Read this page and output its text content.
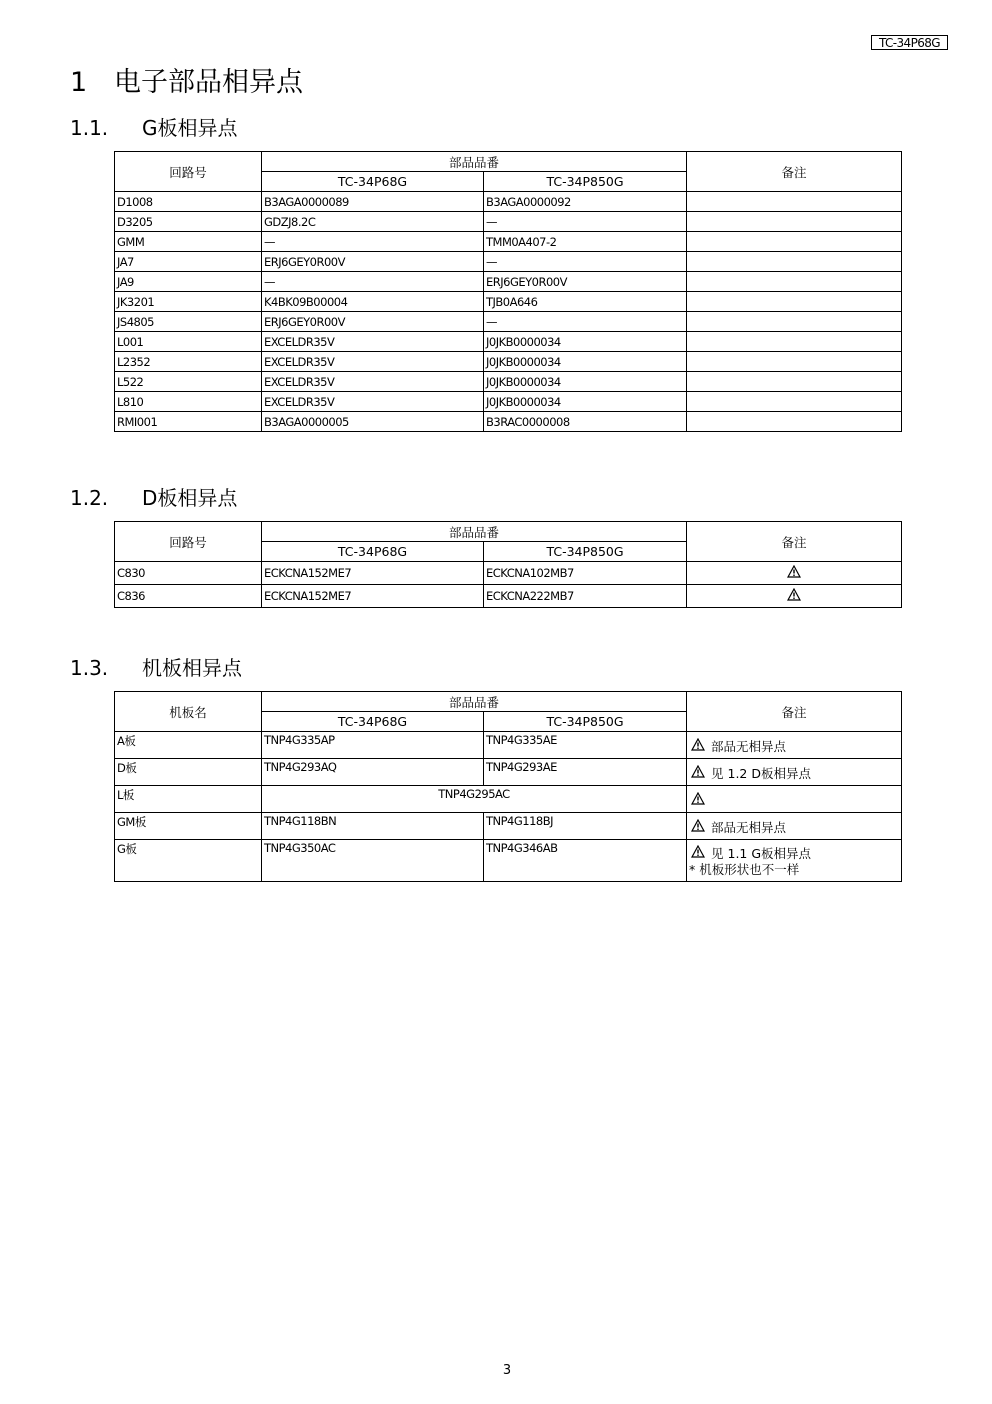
TC-34P68G
1 电子部品相异点
1.1. G板相异点
回路号	部品品番		备注
	TC-34P68G	TC-34P850G	
D1008	B3AGA0000089	B3AGA0000092	
D3205	GDZJ8.2C	—	
GMM	—	TMM0A407-2	
JA7	ERJ6GEY0R00V	—	
JA9	—	ERJ6GEY0R00V	
JK3201	K4BK09B00004	TJB0A646	
JS4805	ERJ6GEY0R00V	—	
L001	EXCELDR35V	J0JKB0000034	
L2352	EXCELDR35V	J0JKB0000034	
L522	EXCELDR35V	J0JKB0000034	
L810	EXCELDR35V	J0JKB0000034	
RMI001	B3AGA0000005	B3RAC0000008	
1.2. D板相异点
回路号	部品品番		备注
	TC-34P68G	TC-34P850G	
C830	ECKCNA152ME7	ECKCNA102MB7	
C836	ECKCNA152ME7	ECKCNA222MB7	
1.3. 机板相异点
机板名	部品品番		备注
	TC-34P68G	TC-34P850G	
A板	TNP4G335AP	TNP4G335AE	部品无相异点
D板	TNP4G293AQ	TNP4G293AE	见 1.2 D板相异点
L板	TNP4G295AC	
GM板	TNP4G118BN	TNP4G118BJ	部品无相异点
G板	TNP4G350AC	TNP4G346AB	见 1.1 G板相异点
* 机板形状也不一样
3
